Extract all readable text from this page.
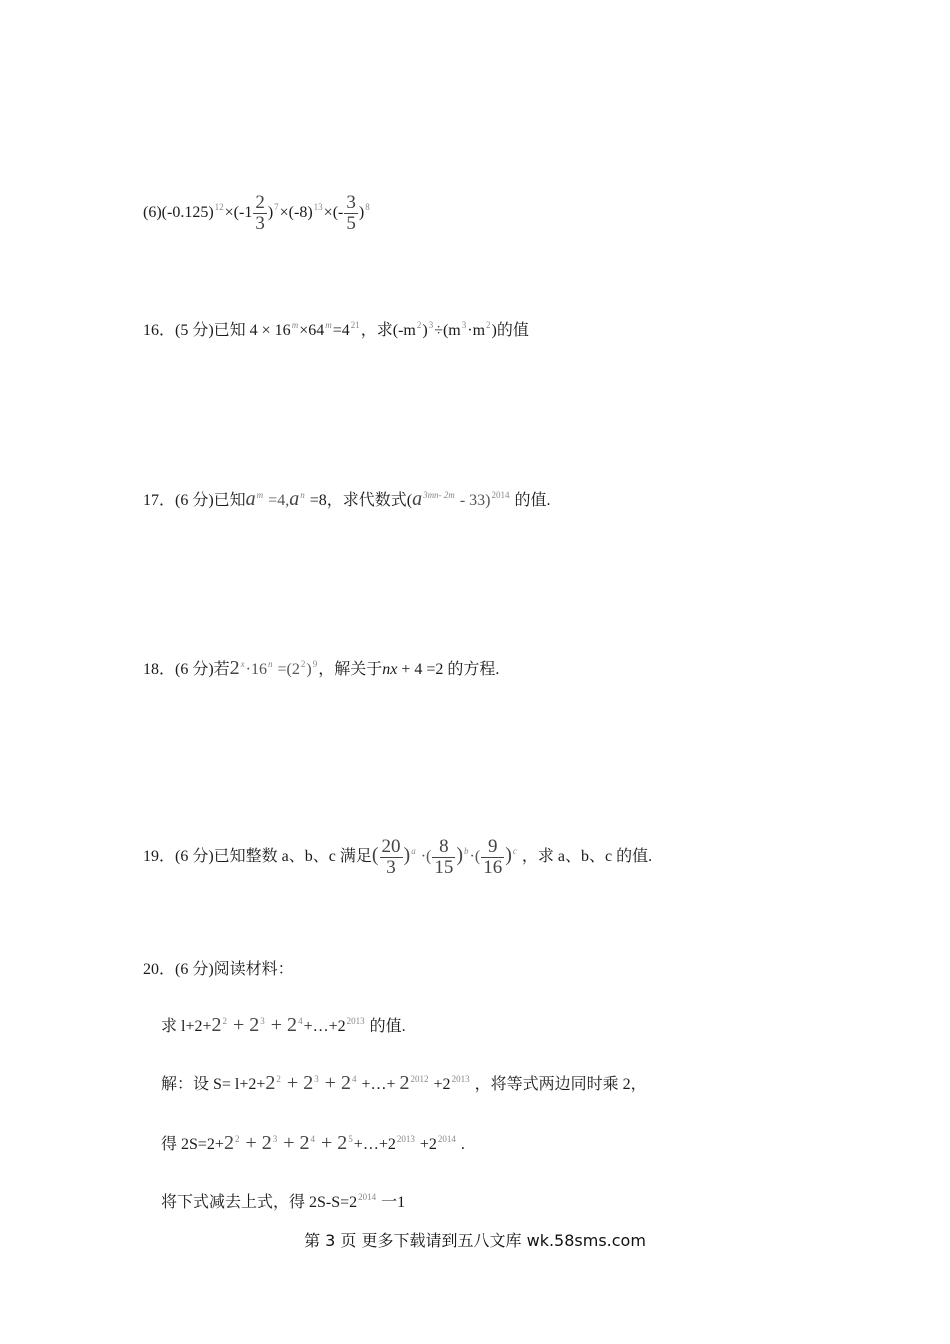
$(6)(-0.125)^{12}\times(-1 \frac{2}{3} )^7\times(-8)^{13}\times(- \frac{3}{5} )^8$
16．(5 分)已知 $4 \times 16^m\times 64^m=4^{21}$，求$(-m^2)^3\div(m^3\cdot m^2)$的值
17．(6 分)已知$a^m =4,a^n =8$，求代数式$(a^{3mn- 2m} - 33)^{2014}$ 的值.
18．(6 分)若$2^x\cdot 16^n =(2^2)^9$，解关于nx + 4 =2 的方程.
19．(6 分)已知整数 a、b、c 满足( $\frac{20}{3} )^a$ ·( $\frac{8}{15} )^b\cdot( \frac{9}{16} )^c$ ，求 a、b、c 的值.
20．(6 分)阅读材料：
求 $l+2+2^2 + 2^3$ + $2^4+\dots+2^{2013}$ 的值.
解：设 $S= l+2+2^2 + 2^3 + 2^4$ +…+ $2^{2012} +2^{2013}$ ，将等式两边同时乘 2，
得 $2S=2+2^2 + 2^3 + 2^4$ + $2^5+\dots+2^{2013} +2^{2014}$ .
将下式减去上式，得 $2S-S=2^{2014}$ 一1
第 3 页 更多下载请到五八文库 wk.58sms.com
